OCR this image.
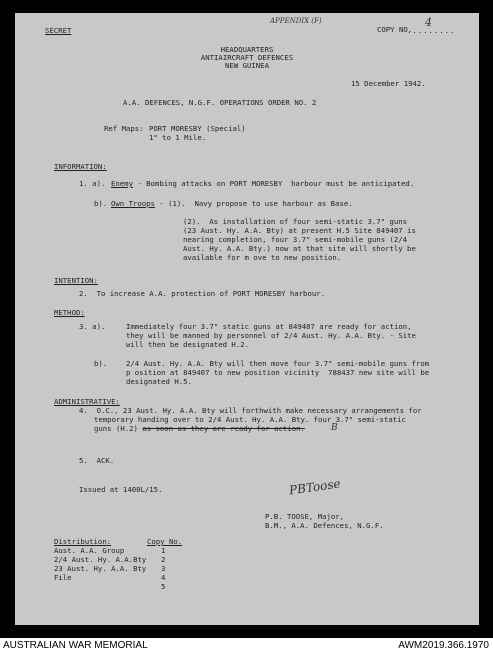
SECRET
APPENDIX (F)
COPY NO.
.........
4
HEADQUARTERS
ANTIAIRCRAFT DEFENCES
NEW GUINEA
15 December 1942.
A.A. DEFENCES, N.G.F. OPERATIONS ORDER NO. 2
Ref Maps: PORT MORESBY (Special)
1" to 1 Mile.
INFORMATION:
1. a). Enemy - Bombing attacks on PORT MORESBY  harbour must be anticipated.
b). Own Troops - (1).  Navy propose to use harbour as Base.
(2).  As installation of four semi-static 3.7" guns
(23 Aust. Hy. A.A. Bty) at present H.5 Site 849407 is
nearing completion, four 3.7" semi-mobile guns (2/4
Aust. Hy. A.A. Bty.) now at that site will shortly be
available for m ove to new position.
INTENTION:
2.  To increase A.A. protection of PORT MORESBY harbour.
METHOD:
3. a).	Immediately four 3.7" static guns at 849407 are ready for action,
they will be manned by personnel of 2/4 Aust. Hy. A.A. Bty. - Site
will then be designated H.2.
b).	2/4 Aust. Hy. A.A. Bty will then move four 3.7" semi-mobile guns from
p osition at 849407 to new position vicinity  788437 new site will be
designated H.5.
ADMINISTRATIVE:
4.  O.C., 23 Aust. Hy. A.A. Bty will forthwith make necessary arrangements for
temporary handing over to 2/4 Aust. Hy. A.A. Bty. four 3.7" semi-static
guns (H.2) as soon as they are ready for action.	B
5.  ACK.
Issued at 1400L/15.	PBToose
P.B. TOOSE, Major,
B.M., A.A. Defences, N.G.F.
Distribution:	Copy No.
Aust. A.A. Group	1
2/4 Aust. Hy. A.A.Bty 2
23 Aust. Hy. A.A. Bty 3
File	4
5
AUSTRALIAN WAR MEMORIAL	AWM2019.366.1970
